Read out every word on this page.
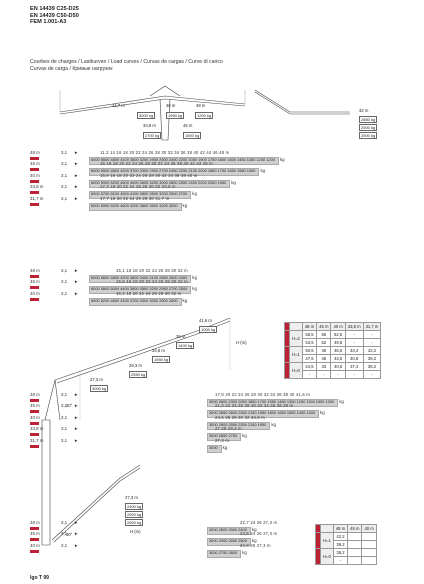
EN 14439 C25-D25
EN 14439 C50-D50
FEM 1.001-A3
Courbes de charges / Lastkurven / Load curves / Curvas de cargas / Curve di carico
Curvas de carga / Кривые нагрузок
31,7 m	40 m	48 m
33,8 m	45 m
3000 kg	1950 kg	1200 kg
2700 kg	1500 kg
32 m
2850 kg
2500 kg
2500 kg
48 m	3,1 ►	11,3 14 16 18 20 22 24 26 28 30 32 34 36 38 40 42 44 46 48 m
6000 5600 4800 4100 3600 3200 2900 2600 2400 2200 2050 1900 1750 1600 1500 1450 1350 1250 1200 kg
45 m	3,1 ►	15 16 18 20 22 24 26 28 30 32 34 36 38 40 42 44 45 m
6000 5500 4800 4200 3700 3300 2900 2700 2450 2250 2100 2000 1850 1750 1650 1550 1500 kg
40 m	3,1 ►	15,8 16 18 20 22 24 26 28 30 32 34 36 38 40 m
6000 5900 5200 4600 4000 3600 3200 3000 2800 2550 2400 2200 2050 1950 kg
33,8 m	3,1 ►	17,3 18 20 22 24 26 28 30 32 33,8 m
6000 5700 5100 4500 4100 3800 3500 3200 2900 2700 kg
31,7 m	3,1 ►	17,7 18 20 22 24 26 28 30 31,7 m
6000 5900 5200 4600 4200 3800 3500 3200 3000 kg
48 m	3,1 ►	15,1 16 18 20 22 24 26 28 30 32 m
6000 5600 4800 4200 3800 3400 3100 2850 2600 2400 kg
45 m	3,1 ►	15,5 16 18 20 22 24 26 28 30 32 m
6000 5800 5000 4400 3900 3500 3200 2950 2700 2500 kg
40 m	3,1 ►	16,2 18 20 22 24 26 28 30 32 m
6000 5200 4600 4100 3700 3300 3000 2800 2600 kg
48 m	3,1 ►	17,8 20 22 24 26 28 30 32 34 36 38 40 41,6 m
3000 2600 2300 2050 1850 1700 1550 1450 1350 1250 1150 1050 1000 kg
45 m	3,1 ►	21,2 22 24 26 28 30 32 34 36 38 39 m
3000 2850 2600 2350 2150 1950 1800 1650 1550 1450 1400 kg
40 m	3,1 ►	24,5 26 28 30 32 34,8 m
3000 2800 2550 2350 2150 1950 kg
33,8 m	3,1 ►	27 28 29,3 m
3000 2850 2750 kg
31,7 m	3,1 ►	27,3 m
3000 kg
48 m	3,1 ►	22,7 24 26 27,3 m
3000 2800 2550 2400 kg
45 m	3,1 ►	23,5 24 26 27,3 m
3000 2900 2650 2500 kg
40 m	3,1 ►	24,8 26 27,3 m
3000 2750 2600 kg
41,6 m
39 m
34,8 m
29,3 m
27,3 m
1000 kg
1400 kg
1950 kg
2550 kg
3000 kg
30°
H (m)
		48 m	45 m	40 m	33,8 m	31,7 m
	H=2	56,5	55	52,5	-	-
		53,5	52	49,5	-	-
	H=1	50,5	49	46,5	43,4	42,2
		47,5	46	43,5	40,6	39,2
	H=0	44,5	43	40,5	37,4	36,2
		-	-	-	-	-
27,3 m
2400 kg
2500 kg
2600 kg
30°
H (m)
		48 m	45 m	40 m
	H=1	42,2		
		39,2		
	H=0	36,2		
		-		
Igo T 99
